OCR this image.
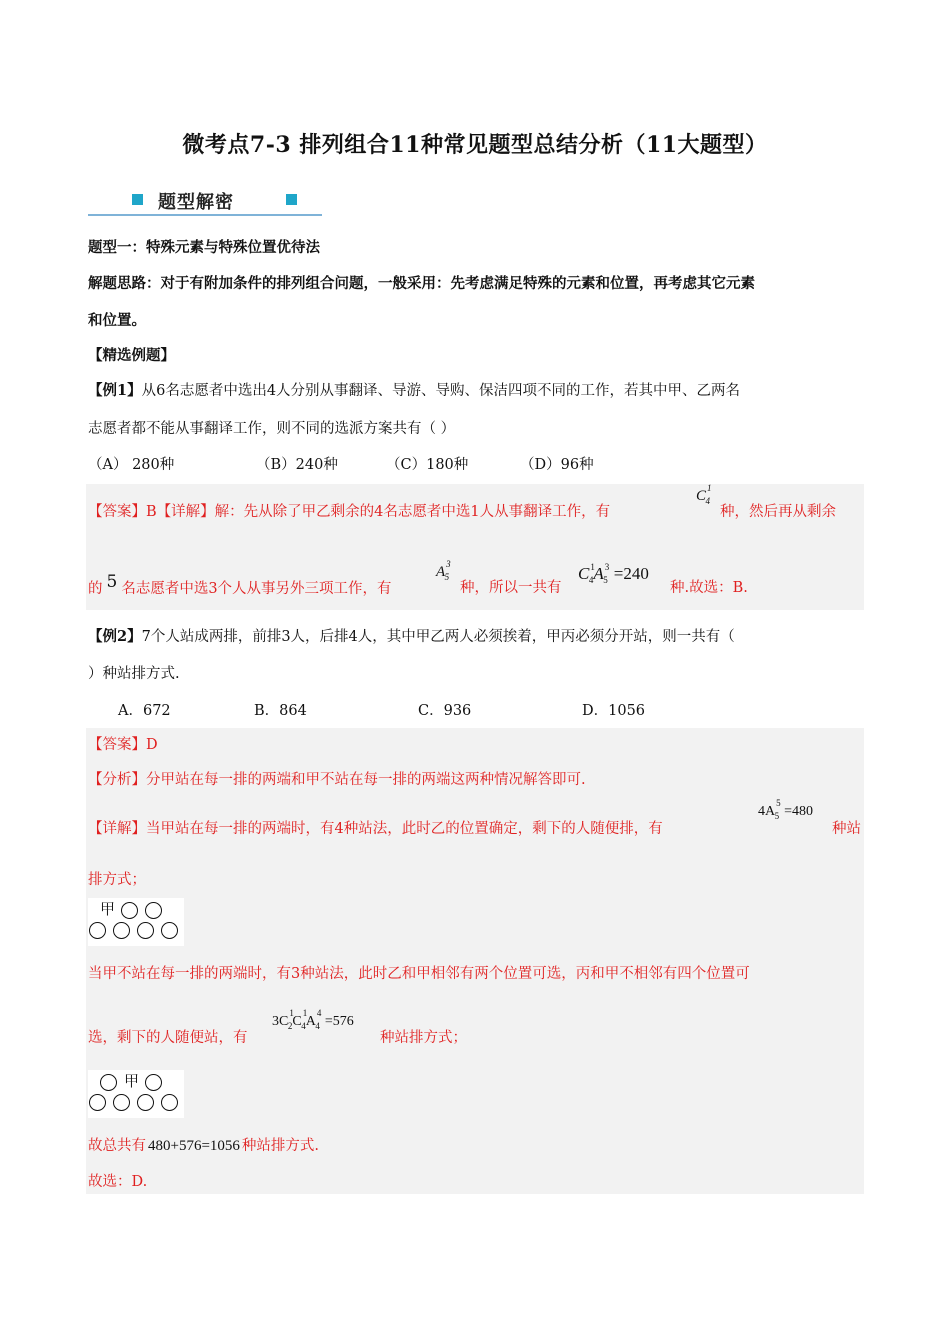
微考点7-3 排列组合11种常见题型总结分析（11大题型）
题型解密
题型一：特殊元素与特殊位置优待法
解题思路：对于有附加条件的排列组合问题，一般采用：先考虑满足特殊的元素和位置，再考虑其它元素
和位置。
【精选例题】
【例1】从6名志愿者中选出4人分别从事翻译、导游、导购、保洁四项不同的工作，若其中甲、乙两名
志愿者都不能从事翻译工作，则不同的选派方案共有（ ）
（A） 280种	（B）240种	（C）180种	（D）96种
【答案】B【详解】解：先从除了甲乙剩余的4名志愿者中选1人从事翻译工作，有
$C^1_4$
种，然后再从剩余
的 5 名志愿者中选3个人从事另外三项工作，有
$A^3_5$
种，所以一共有
$C^1_4A^3_5 =240$
种.故选：B.
【例2】7个人站成两排，前排3人，后排4人，其中甲乙两人必须挨着，甲丙必须分开站，则一共有（
）种站排方式.
A．672	B．864	C．936	D．1056
【答案】D
【分析】分甲站在每一排的两端和甲不站在每一排的两端这两种情况解答即可.
【详解】当甲站在每一排的两端时，有4种站法，此时乙的位置确定，剩下的人随便排，有
$4A^5_5 =480$
种站
排方式；
甲
当甲不站在每一排的两端时，有3种站法，此时乙和甲相邻有两个位置可选，丙和甲不相邻有四个位置可
选，剩下的人随便站，有
$3C^1_2C^1_4A^4_4 =576$
种站排方式；
甲
故总共有 480+576=1056 种站排方式.
故选：D.
